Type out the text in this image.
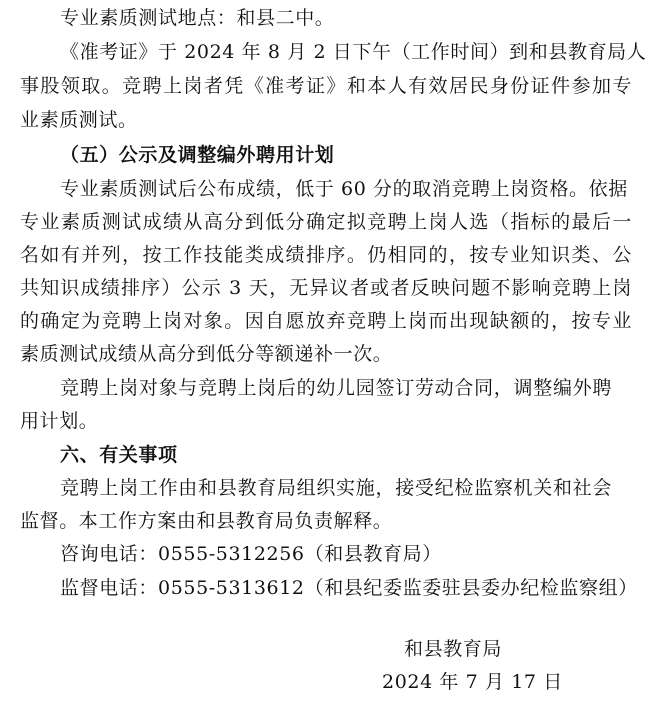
专业素质测试地点：和县二中。
《准考证》于 2024 年 8 月 2 日下午（工作时间）到和县教育局人
事股领取。竞聘上岗者凭《准考证》和本人有效居民身份证件参加专
业素质测试。
（五）公示及调整编外聘用计划
专业素质测试后公布成绩，低于 60 分的取消竞聘上岗资格。依据
专业素质测试成绩从高分到低分确定拟竞聘上岗人选（指标的最后一
名如有并列，按工作技能类成绩排序。仍相同的，按专业知识类、公
共知识成绩排序）公示 3 天，无异议者或者反映问题不影响竞聘上岗
的确定为竞聘上岗对象。因自愿放弃竞聘上岗而出现缺额的，按专业
素质测试成绩从高分到低分等额递补一次。
竞聘上岗对象与竞聘上岗后的幼儿园签订劳动合同，调整编外聘
用计划。
六、有关事项
竞聘上岗工作由和县教育局组织实施，接受纪检监察机关和社会
监督。本工作方案由和县教育局负责解释。
咨询电话：0555-5312256（和县教育局）
监督电话：0555-5313612（和县纪委监委驻县委办纪检监察组）
和县教育局
2024 年 7 月 17 日
